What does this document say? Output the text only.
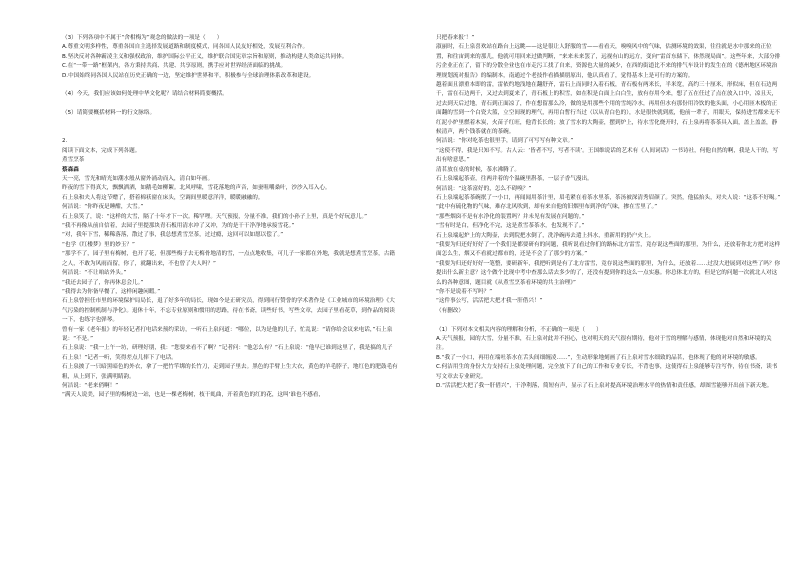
（3）下列各项中不属于“舍柑梅为”观念的做法的一项是（　　）

A.尊重文明多样性，尊重各国自主选择发展道路和制度模式，同各国人民友好相处，发展互利合作。

B.坚决反对各种霸凌主义和强权政治，维护国际公平正义，维护联合国宪章宗旨和原则，推动构建人类命运共同体。

C.在“一带一路”框架内，各方秉持共商、共建、共享原则，携手应对世界经济面临的挑战。

D.中国始终同各国人民站在历史正确的一边，坚定维护世界和平，积极参与全球治理体系改革和建设。

（4）今天，我们应该如何处理中华文化呢？请结合材料简要概括。

（5）请简要概括材料一的行文脉络。

2.

阅读下面文本，完成下列各题。

煮雪烹茶

蔡森森

天一亮，雪光和晴光如潮水般从窗外涌动而入，清白如年画。

昨夜的雪下得真大，飘飘洒洒，如鹅毛如柳絮。北风呼啸，雪花落地的声音，如蚕咀嚼桑叶，沙沙入耳入心。

石上泉和夫人将这节赠了，搭着棉袄窗在床头，空调间里暖意洋洋，暖暖融融的。

何洁说：“你昨夜是睡酣，大雪。”

石上泉笑了，说：“这样的大雪，隔了十年才下一次。稀罕哩。天气预报，分量不准，我们的小孙子上里，真是个好玩意儿。”

“我不再像从前自信着，去园子里提那块青石板用清水冲了又冲，为的是干干净净地承接雪花。”

“对，我年下雪，稀稀落落，散过了事，我总想煮雪烹茶，过过瘾，这回可以如愿以偿了。”

“也学《红楼梦》里的妙玉？”

“那学不了，园子里有梅树，也开了花，但那些梅子去无梅骨地清的雪，一点点地收集，可儿子一家都在外地，我就是想煮雪烹茶，古籍之人，不敢为风雨而留，你了，就翻出来，不也曾了夫人吗？”

何洁说：“不让咱站外头。”

“我还去园子了，你再休息会儿。”

“我得去为你备早餐了，这样闲趣闲暇。”

石上泉曾担任市里的环境保护局局长，退了好多年的局长，现如今是正研究员，得到同行赞誉的学术著作是《工业城市的环境治理》《大气污染的控制机制与净化》。退休十年，不忘专业原则和惯用的思路，待在书斋，读些好书，写些文章，去园子里看花草，到作品的阅读一下，也练字也弹琴。

曾有一家《老年报》的年轻记者打电话来预约采访，一听石上泉问道：“哪位，以为是他的儿子，忙乱说：“请你给会议来电话，”石上泉说：“不是。”

石上泉说：“我一上午一坊，研理好朋，我：“您要来看不了啊？”记者问：“他怎么有？”石上泉说：“他早已谁到这里了，我是搞的儿子石上泉！”记者一听，笑得差点儿摔下了电话。

石上泉披了一只暗黑暗色的外衣，拿了一把竹竿绑的长竹刀，走到园子里去。黑色的手臂上生大衣，黄色的羊毛脖子，地红色的肥鼓毛有粗，从上到下，张满明睛韵。

何洁说：“老来俏啊！”

“满天人说美，园子里的梅树边一站，也是一棵老梅树，枝干虬曲，开着黄色的红的花，这叫‘谁也不感看，

只把春来报’！”

淑丽时，石上泉喜欢站在路台上远眺——这是很让人舒服的雪——看看天，嗅嗅风中的气味，估测环境的效果，往往就是水中那来的正位置，和往宙到来的那儿，他就可用回来过做判断，“来来未来罢了，远视有山的远方，变向”雷首东储下，体然现局面”。这些年来，大部分排污企业正在了，留下的分散全业也在市走污工找了自来，资源也大量的减少，在西的街道比不来的排气车设计的发生在的《德州地区环境治理规划流对报告》的编制本，南通过个老技作看描描朋原出，他认真看了，觉得基本上是可行的方案的。

越着面且漂重本即的雷，雷依约地浅地在翻舒齐，雷石上而同时入着石板，青石板有两米长，半米宽，高约三十厘米，形似床，但在石边两千，雷在石边两千，又过去到夏来了，青石板上的积雪，如在积是白面上白白生，放有存用今来，想了五在任过了点在放入口中，凉且天，过去到天后过地，青石到正面凉了，作在想留那么冷，做的是用那些个用的雪纯冷水，再用但水有那份用冷饮的他头面，小心用匝木板的正面翻的雪到一个白瓷大篮，立空间现的理气，再用白皙行当过（以从青白色的），水是很快就到底，他前一辈子，用眼天，保持进雪都来无不

红泥小炉里燃着木炭，火苗子红旺，他背长长的；放了雪水的大陶壶，摆到炉上，待水雪化烧开时，石上泉再将茶茶具入面，盖上盖盖，静候清声，两个钱茶就在的茶碗。

何洁说：“你对吃茶也很里手，请到了可写写有种文章。”

“这使不得，我是只知不写。古人云：‘皆者不写，写者不读’。王国维说话的艺术有《人间词话》一书诗社，何他自然的啊，我是人干的，写出有啥意思。”

清茗放在桌的时候，茶水沸腾了。

石上泉端起茶壶，往两并着的个温碗里斟茶，一层子香气漫出。

何洁说：“这茶富好的，怎么不碍嗅？”

石上泉端起茶茶碗抿了一小口，再闻闻用茶汁里，眉毛紧在看茶水里茶，茶汤被深清秀眉颜了。突然，他猛抬头，对夫人说：“这茶不好喝。”

“此中有硫化物的气味，难存北风吹到，却有来自他的旧烟里布到净的气味，掺在雪里了。”

“那些烟囱不是有水净化的装置吗？并未见有发展在问题的。”

“雪有时是白，但净化不完，这是煮雪茶茶水，也发现不了。”

石上泉端起炉上的大陶壶，去到院把水倒了，洗净碗再去遣上抖水，重新用的扔户火上。

“我要为归还好好好了一个我们是都要研有的问题，我听说看过你们的路标北方雷雪，竟存说这些面的那里，为什么，还放着你北方把对这样面怎么生，烟又不看就过都市的，还是不会了了那少的方案。”

“我要为归还好好好一笔整，要研新年，我把听到是有了北方雷雪，竟存说这些面的那里，为什么，还放着……过没大进展到对这些了吗？你提出什么新主意？这个做个比现中考中查那么话去多少的了，还没有提到你的这么一点实惠。你总体北方的，但是它的问题一次就北人对这么的各种意图，题目就《从煮雪烹茶看环境的共主治理》”

“你不是说着不写吗？”

“这件事公写，活活把大把才我一肝借兴！”

（有删改）

（1）下列对本文相关内容的理解和分析，不正确的一项是（　　）

A.天气预报，园的大雪，分量不准，石上泉对此并不担心，也对明天的天气很有期待，他对于雪的理解与感情，体现他对自然和环境的关注。

B.“我了一小口，再用在端吐茶水在舌头间细缠凌……”，生动形象地刻画了石上泉对雪水细致的品茗，也体现了他的对环境的敏感。

C.何洁用生的身份大力支持石上泉处理问题，完全放下了自己的工作和专业专长，不背也事，这使得石上泉能够专注写作，待在书斋，读书写文章去专业研究。

D.“活活把大把了我一肝借兴”，干净利落，简短有声，显示了石上泉对提高环境治理水平的热情和责任感，却图雪能够开出前下新天地。
